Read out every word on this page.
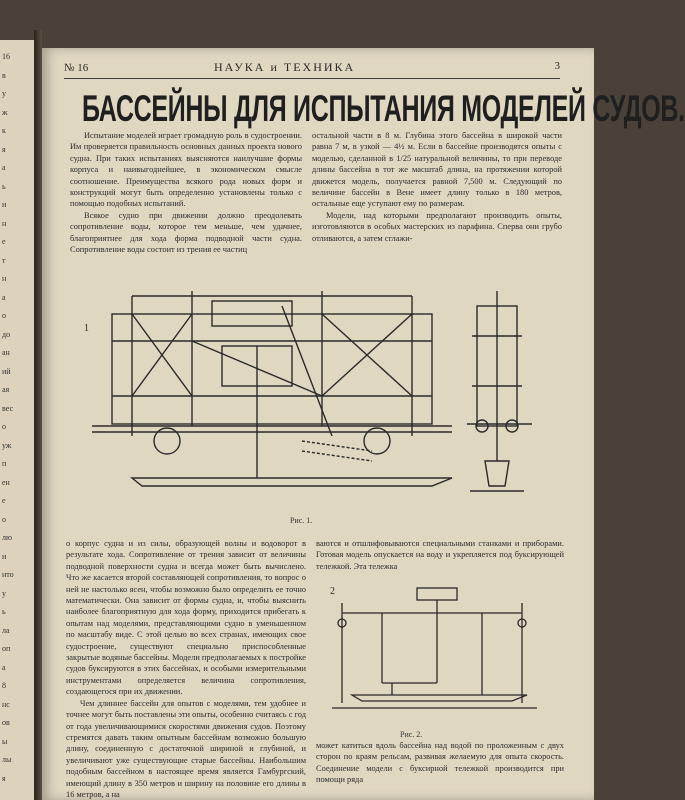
16
в
у
ж
к
я
а
ь
и
н
е
т
н
а
о
до
ан
ий
ая
вес
о
уж
п
ен
е
о
лю
и
нто
у
ь
ла
оп
а
8
нс
ов
ы
лы
я
№ 16	НАУКА и ТЕХНИКА	3
БАССЕЙНЫ ДЛЯ ИСПЫТАНИЯ МОДЕЛЕЙ СУДОВ.

Испытание моделей играет громадную роль в судостроении. Им проверяется правильность основных данных проекта нового судна. При таких испытаниях выясняются наилучшие формы корпуса и наивыгоднейшее, в экономическом смысле соотношение. Преимущества всякого рода новых форм и конструкций могут быть определенно установлены только с помощью подобных испытаний.

Всякое судно при движении должно преодолевать сопротивление воды, которое тем меньше, чем удачнее, благоприятнее для хода форма подводной части судна. Сопротивление воды состоит из трения ее частиц

остальной части в 8 м. Глубина этого бассейна в широкой части равна 7 м, в узкой — 4½ м. Если в бассейне производятся опыты с моделью, сделанной в 1/25 натуральной величины, то при переводе длины бассейна в тот же масштаб длина, на протяжении которой движется модель, получается равной 7,500 м. Следующий по величине бассейн в Вене имеет длину только в 180 метров, остальные еще уступают ему по размерам.

Модели, над которыми предполагают производить опыты, изготовляются в особых мастерских из парафина. Сперва они грубо отливаются, а затем сглажи-

1
Рис. 1.

о корпус судна и из силы, образующей волны и водоворот в результате хода. Сопротивление от трения зависит от величины подводной поверхности судна и всегда может быть вычислено. Что же касается второй составляющей сопротивления, то вопрос о ней не настолько ясен, чтобы возможно было определить ее точно математически. Она зависит от формы судна, и, чтобы выяснить наиболее благоприятную для хода форму, приходится прибегать к опытам над моделями, представляющими судно в уменьшенном по масштабу виде. С этой целью во всех странах, имеющих свое судостроение, существуют специально приспособленные закрытые водяные бассейны. Модели предполагаемых к постройке судов буксируются в этих бассейнах, и особыми измерительными инструментами определяется величина сопротивления, создающегося при их движении.

Чем длиннее бассейн для опытов с моделями, тем удобнее и точнее могут быть поставлены эти опыты, особенно считаясь с год от года увеличивающимися скоростями движения судов. Поэтому стремятся давать таким опытным бассейнам возможно большую длину, соединенную с достаточной шириной и глубиной, и увеличивают уже существующие старые бассейны. Наибольшим подобным бассейном в настоящее время является Гамбургский, имеющий длину в 350 метров и ширину на половине его длины в 16 метров, а на

ваются и отшлифовываются специальными станками и приборами. Готовая модель опускается на воду и укрепляется под буксирующей тележкой. Эта тележка

2
Рис. 2.

может катиться вдоль бассейна над водой по проложенным с двух сторон по краям рельсам, развивая желаемую для опыта скорость. Соединение модели с буксирной тележкой производится при помощи ряда
